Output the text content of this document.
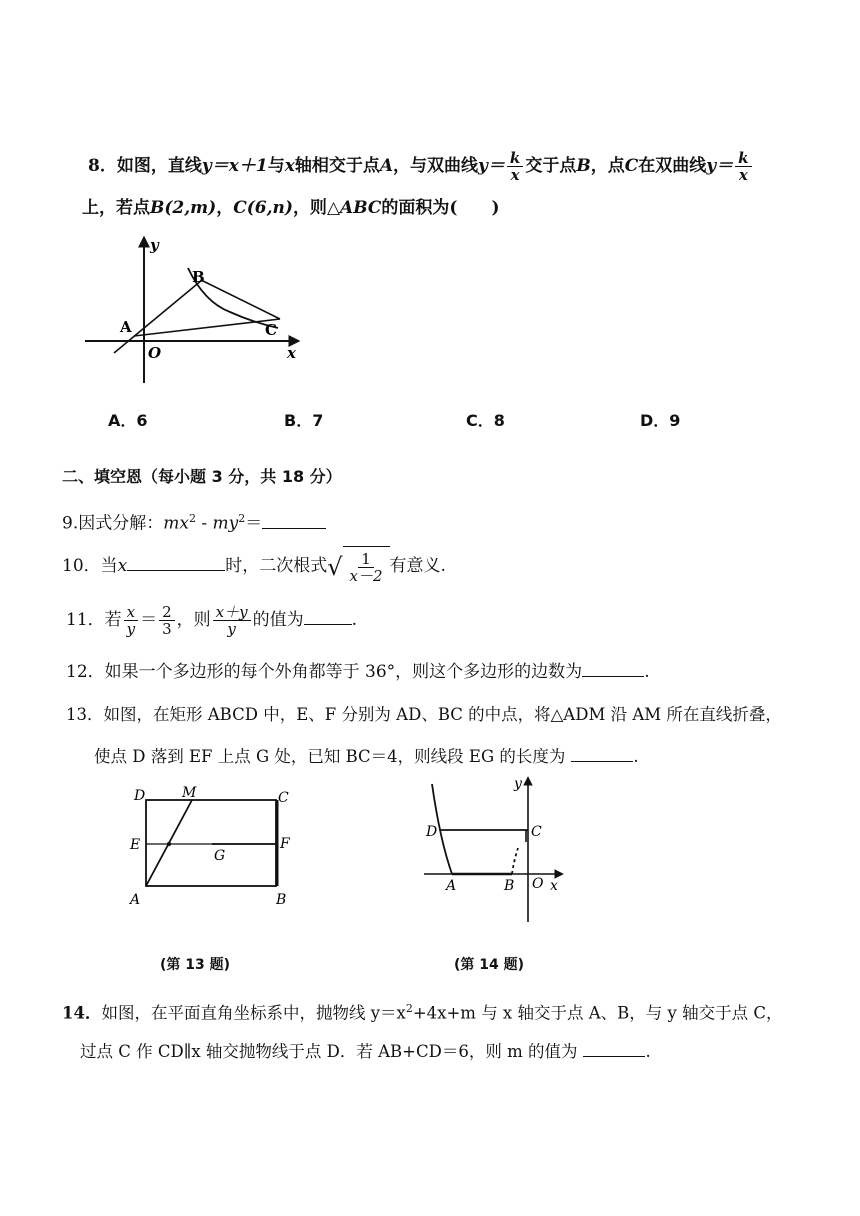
8．如图，直线y＝x＋1与x轴相交于点A，与双曲线$y= \frac{k}{x}$ 交于点B，点C在双曲线$y= \frac{k}{x}$
上，若点B(2,m)，C(6,n)，则△ABC的面积为(　　)
y
B
A	C
O	x
A．6	B．7	C．8	D．9
二、填空恩（每小题 3 分，共 18 分）
9.因式分解：$mx^2 - my^2=$
10．当x	时，二次根式 √ $\frac{1}{x-2}$ 有意义.
11．若 $\frac{x}{y} = \frac{2}{3}$ ，则 $\frac{x+y}{y}$ 的值为	.
12．如果一个多边形的每个外角都等于 36°，则这个多边形的边数为	.
13．如图，在矩形 ABCD 中，E、F 分别为 AD、BC 的中点，将△ADM 沿 AM 所在直线折叠，
使点 D 落到 EF 上点 G 处，已知 BC＝4，则线段 EG 的长度为	.
D	M	C
E	F
G
A	B
y
D	C
A	B O x
(第 13 题)	(第 14 题)
14．如图，在平面直角坐标系中，抛物线 $y=x^2+4x+m$ 与 x 轴交于点 A、B，与 y 轴交于点 C，
过点 C 作 CD∥x 轴交抛物线于点 D．若 AB+CD＝6，则 m 的值为	.
